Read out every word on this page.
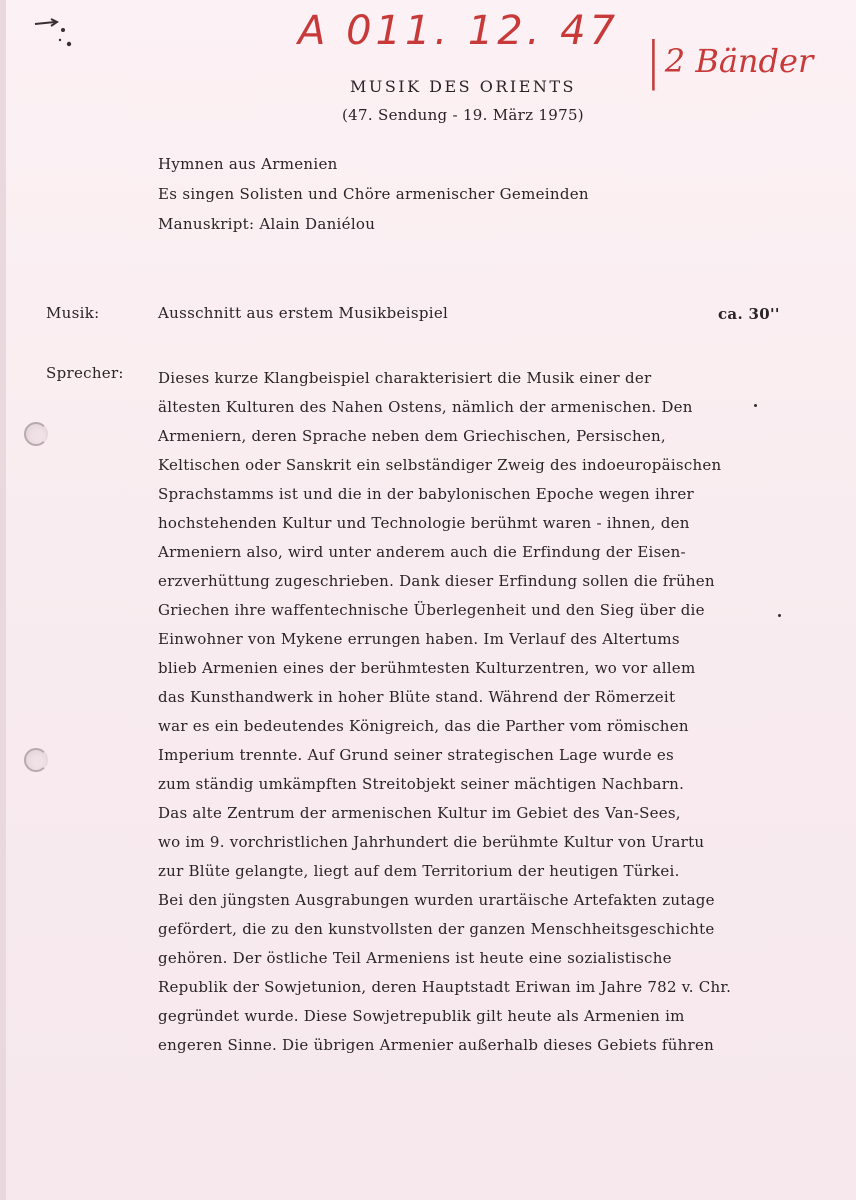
A 011. 12. 47 | 2 Bänder
MUSIK DES ORIENTS
(47. Sendung - 19. März 1975)
Hymnen aus Armenien
Es singen Solisten und Chöre armenischer Gemeinden
Manuskript: Alain Daniélou
Musik:	Ausschnitt aus erstem Musikbeispiel	ca. 30''
Sprecher: Dieses kurze Klangbeispiel charakterisiert die Musik einer der
ältesten Kulturen des Nahen Ostens, nämlich der armenischen. Den
Armeniern, deren Sprache neben dem Griechischen, Persischen,
Keltischen oder Sanskrit ein selbständiger Zweig des indoeuropäischen
Sprachstamms ist und die in der babylonischen Epoche wegen ihrer
hochstehenden Kultur und Technologie berühmt waren - ihnen, den
Armeniern also, wird unter anderem auch die Erfindung der Eisen-
erzverhüttung zugeschrieben. Dank dieser Erfindung sollen die frühen
Griechen ihre waffentechnische Überlegenheit und den Sieg über die
Einwohner von Mykene errungen haben. Im Verlauf des Altertums
blieb Armenien eines der berühmtesten Kulturzentren, wo vor allem
das Kunsthandwerk in hoher Blüte stand. Während der Römerzeit
war es ein bedeutendes Königreich, das die Parther vom römischen
Imperium trennte. Auf Grund seiner strategischen Lage wurde es
zum ständig umkämpften Streitobjekt seiner mächtigen Nachbarn.
Das alte Zentrum der armenischen Kultur im Gebiet des Van-Sees,
wo im 9. vorchristlichen Jahrhundert die berühmte Kultur von Urartu
zur Blüte gelangte, liegt auf dem Territorium der heutigen Türkei.
Bei den jüngsten Ausgrabungen wurden urartäische Artefakten zutage
gefördert, die zu den kunstvollsten der ganzen Menschheitsgeschichte
gehören. Der östliche Teil Armeniens ist heute eine sozialistische
Republik der Sowjetunion, deren Hauptstadt Eriwan im Jahre 782 v. Chr.
gegründet wurde. Diese Sowjetrepublik gilt heute als Armenien im
engeren Sinne. Die übrigen Armenier außerhalb dieses Gebiets führen
